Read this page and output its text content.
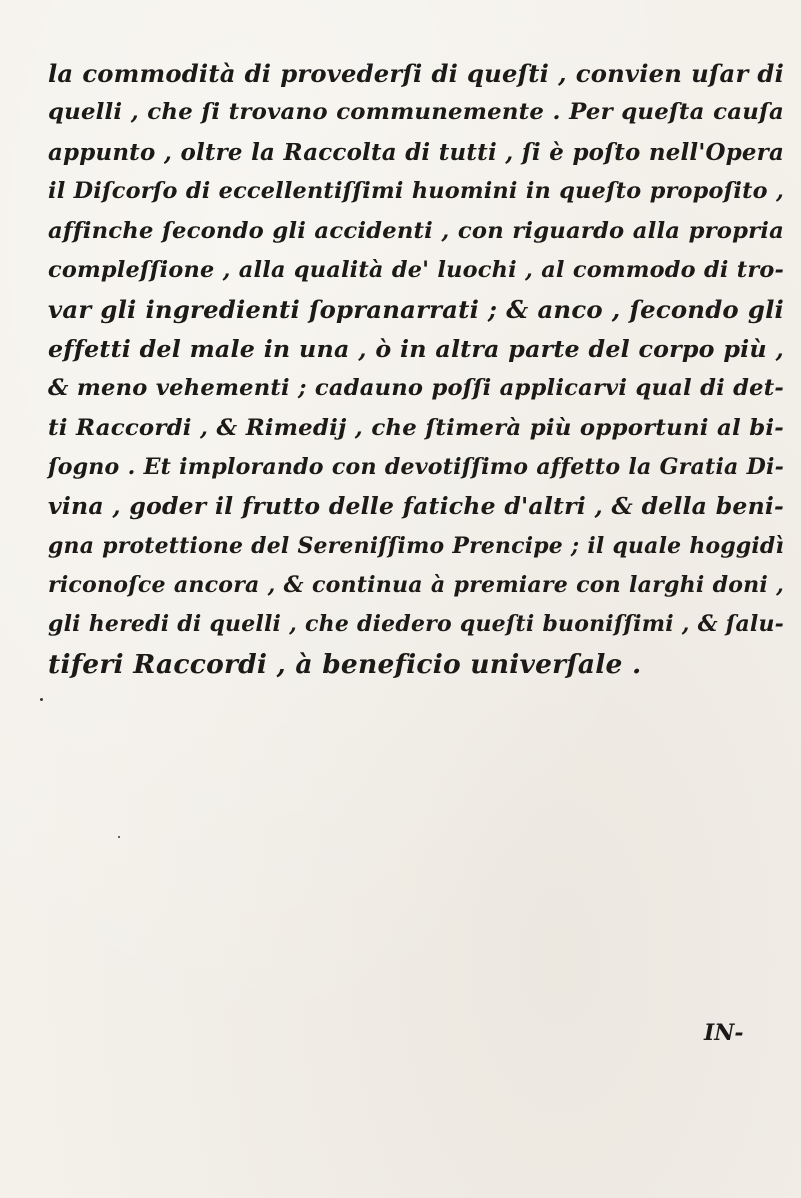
la commodità di provederſi di queſti , convien uſar di
quelli , che ſi trovano communemente . Per queſta cauſa
appunto , oltre la Raccolta di tutti , ſi è poſto nell'Opera
il Diſcorſo di eccellentiſſimi huomini in queſto propoſito ,
affinche ſecondo gli accidenti , con riguardo alla propria
compleſſione , alla qualità de' luochi , al commodo di tro-
var gli ingredienti ſopranarrati ; & anco , ſecondo gli
effetti del male in una , ò in altra parte del corpo più ,
& meno vehementi ; cadauno poſſi applicarvi qual di det-
ti Raccordi , & Rimedij , che ſtimerà più opportuni al bi-
ſogno . Et implorando con devotiſſimo affetto la Gratia Di-
vina , goder il frutto delle fatiche d'altri , & della beni-
gna protettione del Sereniſſimo Prencipe ; il quale hoggidì
riconoſce ancora , & continua à premiare con larghi doni ,
gli heredi di quelli , che diedero queſti buoniſſimi , & ſalu-
tiferi Raccordi , à beneficio univerſale .
IN-
